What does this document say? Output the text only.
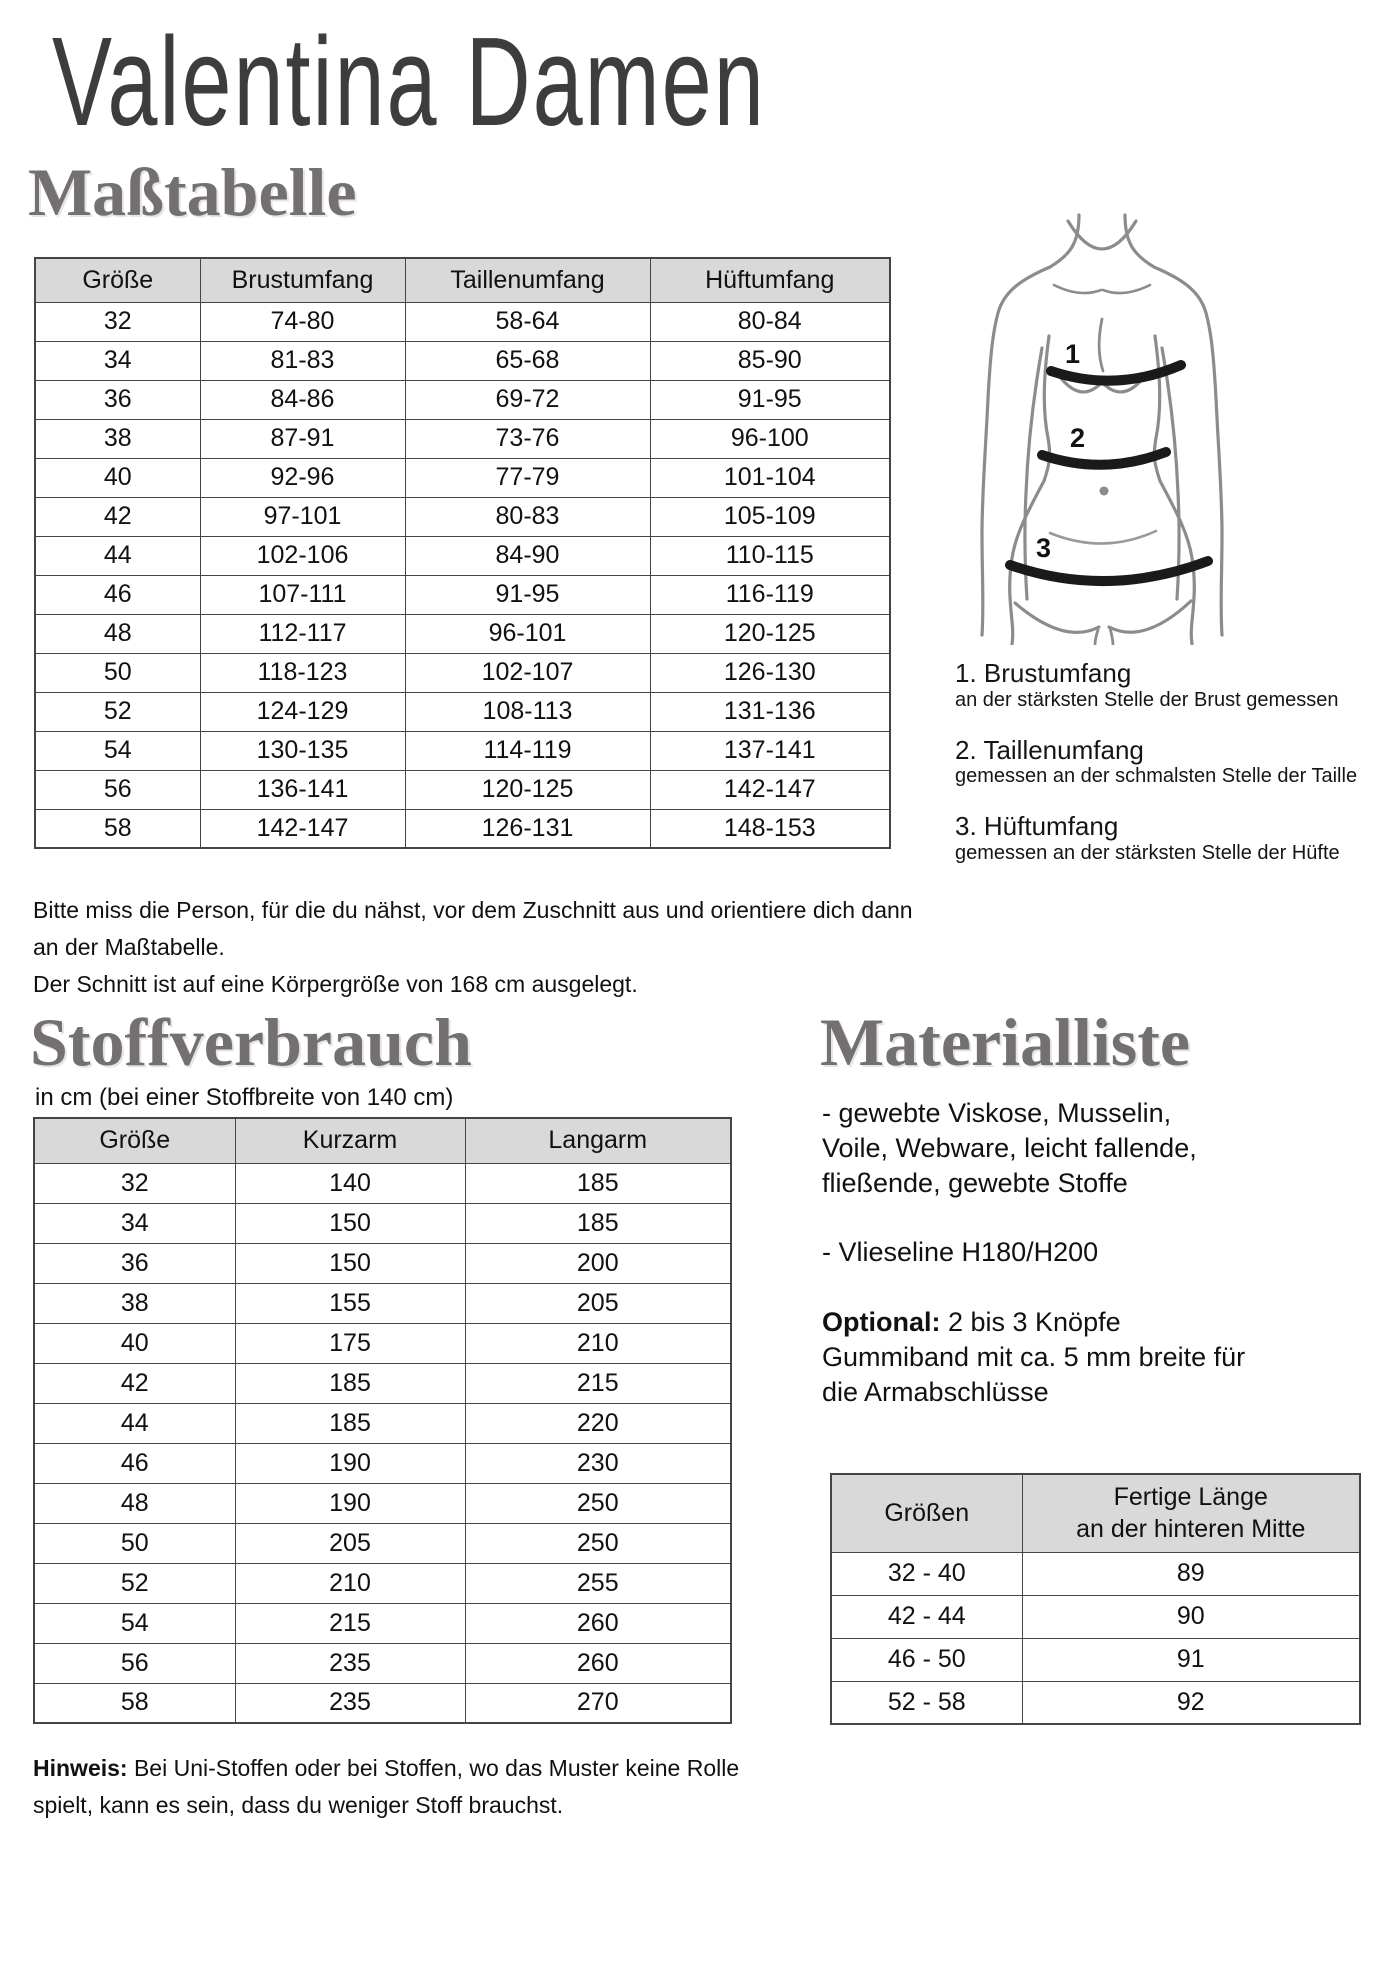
Valentina Damen
Maßtabelle
Größe	Brustumfang	Taillenumfang	Hüftumfang
32	74-80	58-64	80-84
34	81-83	65-68	85-90
36	84-86	69-72	91-95
38	87-91	73-76	96-100
40	92-96	77-79	101-104
42	97-101	80-83	105-109
44	102-106	84-90	110-115
46	107-111	91-95	116-119
48	112-117	96-101	120-125
50	118-123	102-107	126-130
52	124-129	108-113	131-136
54	130-135	114-119	137-141
56	136-141	120-125	142-147
58	142-147	126-131	148-153
1
2
3
1. Brustumfang
an der stärksten Stelle der Brust gemessen
2. Taillenumfang
gemessen an der schmalsten Stelle der Taille
3. Hüftumfang
gemessen an der stärksten Stelle der Hüfte
Bitte miss die Person, für die du nähst, vor dem Zuschnitt aus und orientiere dich dann an der Maßtabelle.
Der Schnitt ist auf eine Körpergröße von 168 cm ausgelegt.
Stoffverbrauch
in cm (bei einer Stoffbreite von 140 cm)
Größe	Kurzarm	Langarm
32	140	185
34	150	185
36	150	200
38	155	205
40	175	210
42	185	215
44	185	220
46	190	230
48	190	250
50	205	250
52	210	255
54	215	260
56	235	260
58	235	270
Materialliste

- gewebte Viskose, Musselin,
Voile, Webware, leicht fallende,
fließende, gewebte Stoffe

- Vlieseline H180/H200

Optional: 2 bis 3 Knöpfe
Gummiband mit ca. 5 mm breite für
die Armabschlüsse

Größen	Fertige Länge
an der hinteren Mitte
32 - 40	89
42 - 44	90
46 - 50	91
52 - 58	92
Hinweis: Bei Uni-Stoffen oder bei Stoffen, wo das Muster keine Rolle
spielt, kann es sein, dass du weniger Stoff brauchst.
